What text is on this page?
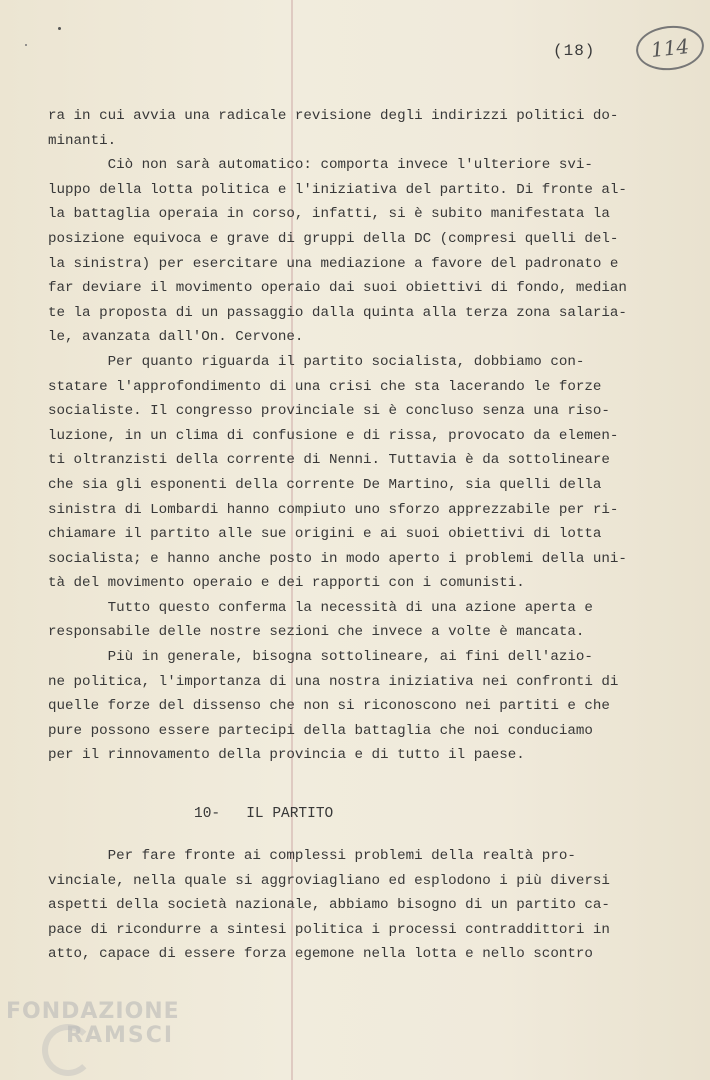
(18)	114
ra in cui avvia una radicale revisione degli indirizzi politici do-
minanti.
Ciò non sarà automatico: comporta invece l'ulteriore svi-
luppo della lotta politica e l'iniziativa del partito. Di fronte al-
la battaglia operaia in corso, infatti, si è subito manifestata la
posizione equivoca e grave di gruppi della DC (compresi quelli del-
la sinistra) per esercitare una mediazione a favore del padronato e
far deviare il movimento operaio dai suoi obiettivi di fondo, median
te la proposta di un passaggio dalla quinta alla terza zona salaria-
le, avanzata dall'On. Cervone.
Per quanto riguarda il partito socialista, dobbiamo con-
statare l'approfondimento di una crisi che sta lacerando le forze
socialiste. Il congresso provinciale si è concluso senza una riso-
luzione, in un clima di confusione e di rissa, provocato da elemen-
ti oltranzisti della corrente di Nenni. Tuttavia è da sottolineare
che sia gli esponenti della corrente De Martino, sia quelli della
sinistra di Lombardi hanno compiuto uno sforzo apprezzabile per ri-
chiamare il partito alle sue origini e ai suoi obiettivi di lotta
socialista; e hanno anche posto in modo aperto i problemi della uni-
tà del movimento operaio e dei rapporti con i comunisti.
Tutto questo conferma la necessità di una azione aperta e
responsabile delle nostre sezioni che invece a volte è mancata.
Più in generale, bisogna sottolineare, ai fini dell'azio-
ne politica, l'importanza di una nostra iniziativa nei confronti di
quelle forze del dissenso che non si riconoscono nei partiti e che
pure possono essere partecipi della battaglia che noi conduciamo
per il rinnovamento della provincia e di tutto il paese.
10-   IL PARTITO
Per fare fronte ai complessi problemi della realtà pro-
vinciale, nella quale si aggroviagliano ed esplodono i più diversi
aspetti della società nazionale, abbiamo bisogno di un partito ca-
pace di ricondurre a sintesi politica i processi contraddittori in
atto, capace di essere forza egemone nella lotta e nello scontro
FONDAZIONE
RAMSCI
